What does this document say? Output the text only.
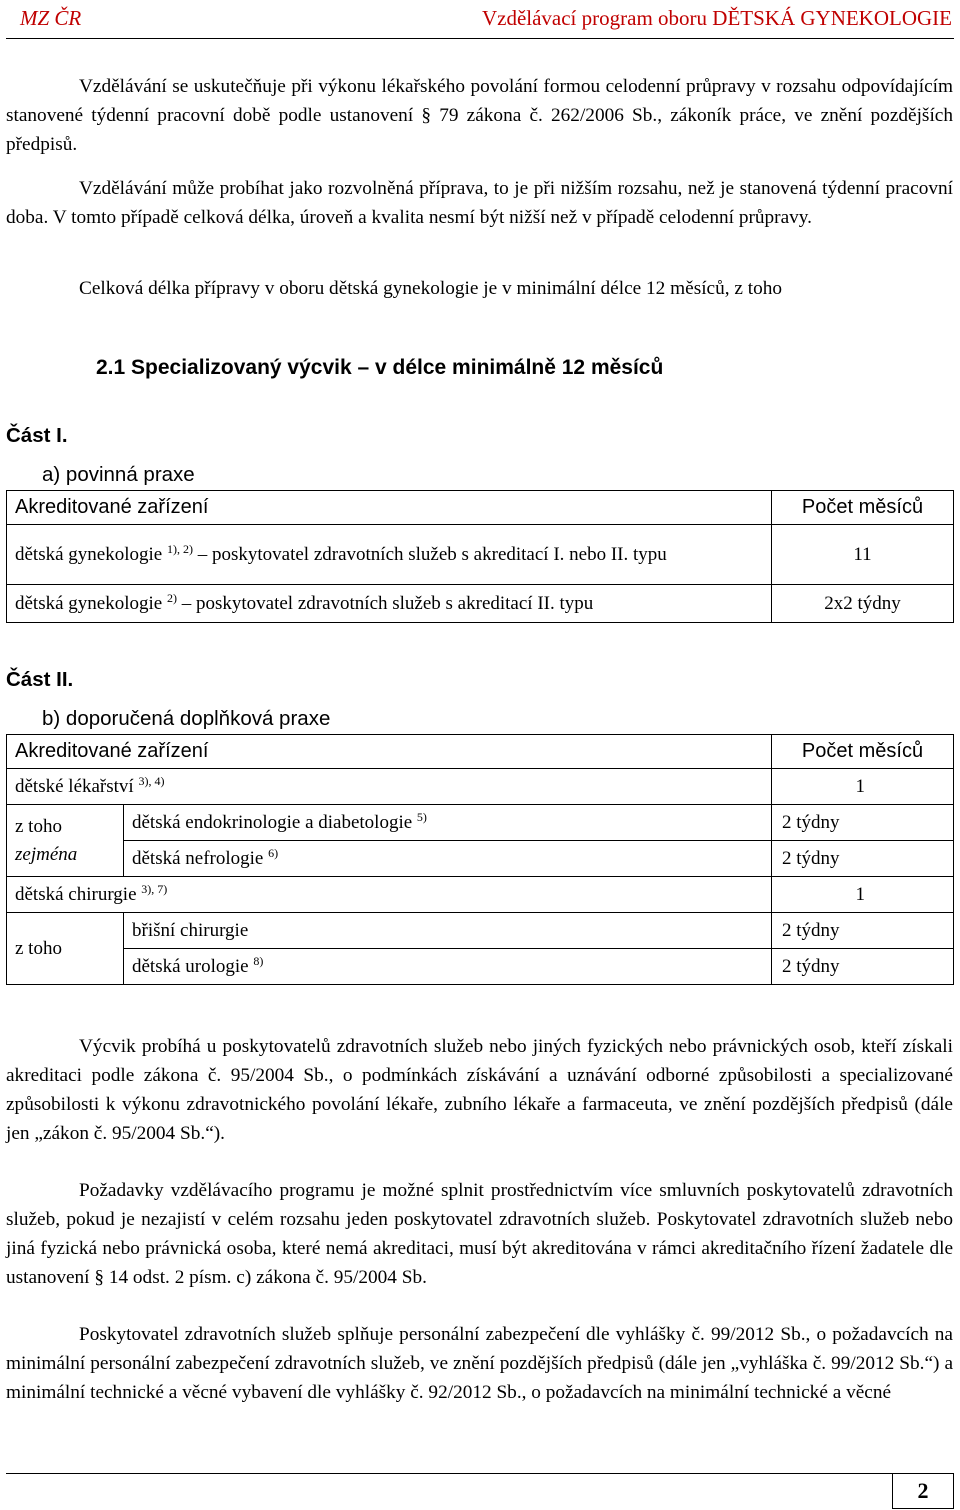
MZ ČR	Vzdělávací program oboru DĚTSKÁ GYNEKOLOGIE

Vzdělávání se uskutečňuje při výkonu lékařského povolání formou celodenní průpravy v rozsahu odpovídajícím stanovené týdenní pracovní době podle ustanovení § 79 zákona č. 262/2006 Sb., zákoník práce, ve znění pozdějších předpisů.

Vzdělávání může probíhat jako rozvolněná příprava, to je při nižším rozsahu, než je stanovená týdenní pracovní doba. V tomto případě celková délka, úroveň a kvalita nesmí být nižší než v případě celodenní průpravy.

Celková délka přípravy v oboru dětská gynekologie je v minimální délce 12 měsíců, z toho

2.1 Specializovaný výcvik – v délce minimálně 12 měsíců
Část I.
a) povinná praxe
Akreditované zařízení	Počet měsíců
dětská gynekologie $^{1), 2)}$ – poskytovatel zdravotních služeb s akreditací I. nebo II. typu	11
dětská gynekologie $^{2)}$ – poskytovatel zdravotních služeb s akreditací II. typu	2x2 týdny
Část II.
b) doporučená doplňková praxe
Akreditované zařízení		Počet měsíců
dětské lékařství $^{3), 4)}$		1
z toho
zejména	dětská endokrinologie a diabetologie $^{5)}$	2 týdny
	dětská nefrologie $^{6)}$	2 týdny
dětská chirurgie $^{3), 7)}$		1
z toho	břišní chirurgie	2 týdny
	dětská urologie $^{8)}$	2 týdny

Výcvik probíhá u poskytovatelů zdravotních služeb nebo jiných fyzických nebo právnických osob, kteří získali akreditaci podle zákona č. 95/2004 Sb., o podmínkách získávání a uznávání odborné způsobilosti a specializované způsobilosti k výkonu zdravotnického povolání lékaře, zubního lékaře a farmaceuta, ve znění pozdějších předpisů (dále jen „zákon č. 95/2004 Sb.“).

Požadavky vzdělávacího programu je možné splnit prostřednictvím více smluvních poskytovatelů zdravotních služeb, pokud je nezajistí v celém rozsahu jeden poskytovatel zdravotních služeb. Poskytovatel zdravotních služeb nebo jiná fyzická nebo právnická osoba, které nemá akreditaci, musí být akreditována v rámci akreditačního řízení žadatele dle ustanovení § 14 odst. 2 písm. c) zákona č. 95/2004 Sb.

Poskytovatel zdravotních služeb splňuje personální zabezpečení dle vyhlášky č. 99/2012 Sb., o požadavcích na minimální personální zabezpečení zdravotních služeb, ve znění pozdějších předpisů (dále jen „vyhláška č. 99/2012 Sb.“) a minimální technické a věcné vybavení dle vyhlášky č. 92/2012 Sb., o požadavcích na minimální technické a věcné

2
